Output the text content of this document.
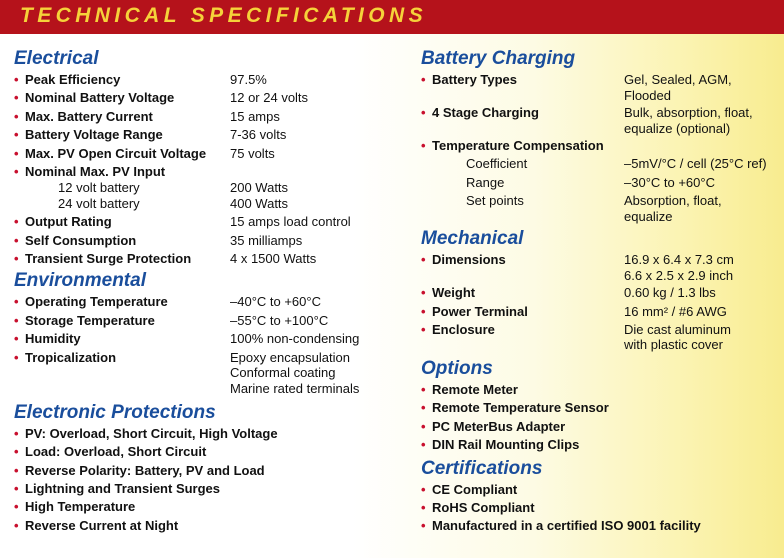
TECHNICAL SPECIFICATIONS
Electrical
• Peak Efficiency	97.5%
• Nominal Battery Voltage	12 or 24 volts
• Max. Battery Current	15 amps
• Battery Voltage Range	7-36 volts
• Max. PV Open Circuit Voltage 75 volts
• Nominal Max. PV Input
12 volt battery	200 Watts
24 volt battery	400 Watts
• Output Rating	15 amps load control
• Self Consumption	35 milliamps
• Transient Surge Protection	4 x 1500 Watts
Environmental
• Operating Temperature	–40°C to +60°C
• Storage Temperature	–55°C to +100°C
• Humidity	100% non-condensing
• Tropicalization	Epoxy encapsulation
Conformal coating
Marine rated terminals
Electronic Protections
• PV: Overload, Short Circuit, High Voltage

• Load: Overload, Short Circuit

• Reverse Polarity: Battery, PV and Load

• Lightning and Transient Surges

• High Temperature

• Reverse Current at Night

Battery Charging
• Battery Types	Gel, Sealed, AGM,
Flooded
• 4 Stage Charging	Bulk, absorption, float,
equalize (optional)
• Temperature Compensation
Coefficient	–5mV/°C / cell (25°C ref)
Range	–30°C to +60°C
Set points	Absorption, float,
equalize
Mechanical
• Dimensions	16.9 x 6.4 x 7.3 cm
6.6 x 2.5 x 2.9 inch
• Weight	0.60 kg / 1.3 lbs
• Power Terminal	16 mm² / #6 AWG
• Enclosure	Die cast aluminum
with plastic cover
Options
• Remote Meter

• Remote Temperature Sensor

• PC MeterBus Adapter

• DIN Rail Mounting Clips

Certifications
• CE Compliant

• RoHS Compliant

• Manufactured in a certified ISO 9001 facility
